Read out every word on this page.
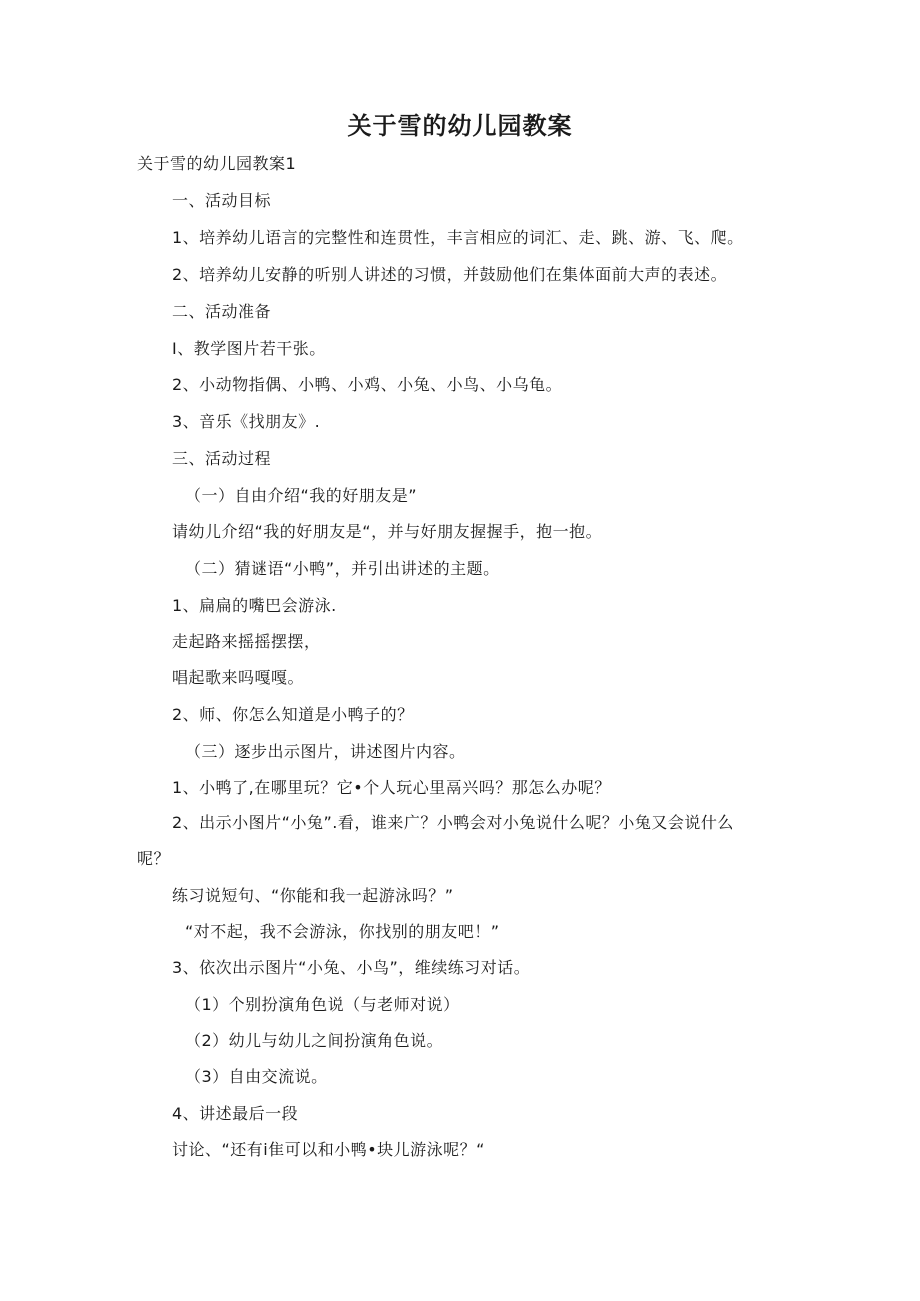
关于雪的幼儿园教案
关于雪的幼儿园教案1
一、活动目标
1、培养幼儿语言的完整性和连贯性，丰言相应的词汇、走、跳、游、飞、爬。
2、培养幼儿安静的听别人讲述的习惯，并鼓励他们在集体面前大声的表述。
二、活动准备
I、教学图片若干张。
2、小动物指偶、小鸭、小鸡、小兔、小鸟、小乌龟。
3、音乐《找朋友》.
三、活动过程
（一）自由介绍“我的好朋友是”
请幼儿介绍“我的好朋友是“，并与好朋友握握手，抱一抱。
（二）猜谜语“小鸭”，并引出讲述的主题。
1、扁扁的嘴巴会游泳.
走起路来摇摇摆摆，
唱起歌来吗嘎嘎。
2、师、你怎么知道是小鸭子的？
（三）逐步出示图片，讲述图片内容。
1、小鸭了,在哪里玩？它•个人玩心里鬲兴吗？那怎么办呢？
2、出示小图片“小兔”.看，谁来广？小鸭会对小兔说什么呢？小兔又会说什么
呢？
练习说短句、“你能和我一起游泳吗？”
“对不起，我不会游泳，你找别的朋友吧！”
3、依次出示图片“小兔、小鸟”，维续练习对话。
（1）个别扮演角色说（与老师对说）
（2）幼儿与幼儿之间扮演角色说。
（3）自由交流说。
4、讲述最后一段
讨论、“还有i隹可以和小鸭•块儿游泳呢？“
